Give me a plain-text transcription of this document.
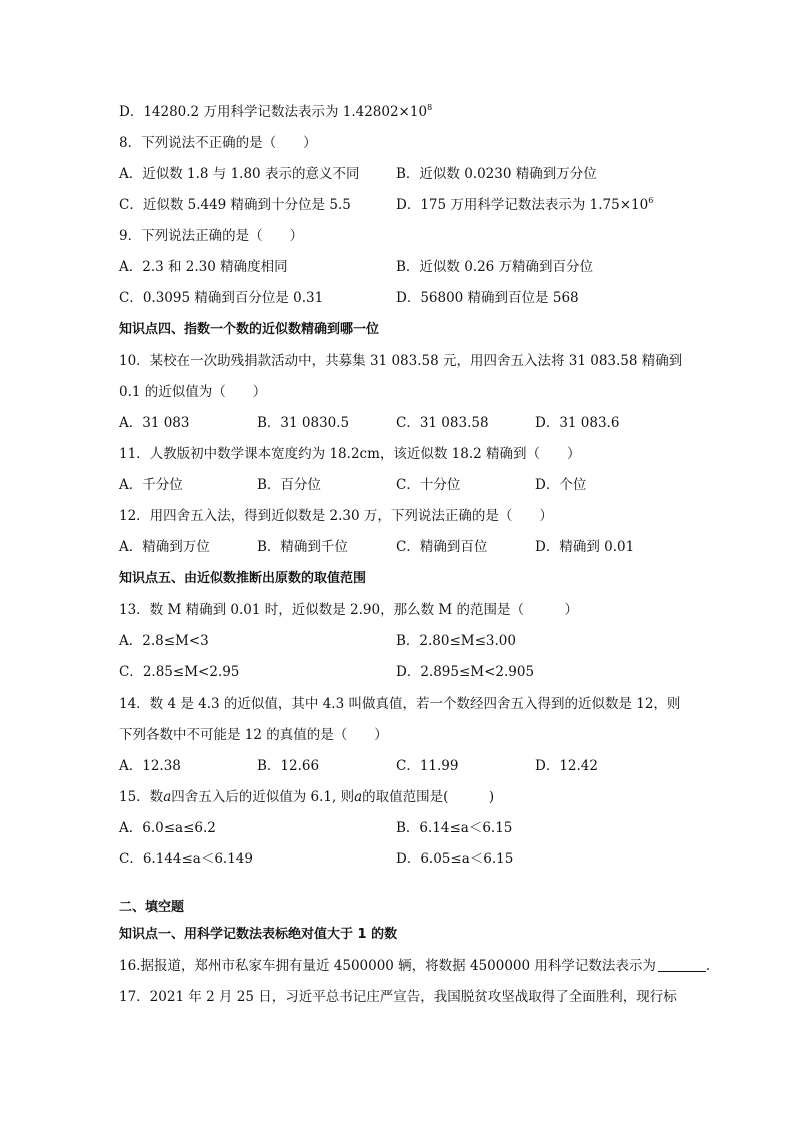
D．14280.2 万用科学记数法表示为 $1.42802\times 10^8$
8．下列说法不正确的是（　　）
A．近似数 1.8 与 1.80 表示的意义不同	B．近似数 0.0230 精确到万分位
C．近似数 5.449 精确到十分位是 5.5	D．175 万用科学记数法表示为 $1.75\times 10^6$
9．下列说法正确的是（　　）
A．2.3 和 2.30 精确度相同	B．近似数 0.26 万精确到百分位
C．0.3095 精确到百分位是 0.31	D．56800 精确到百位是 568
知识点四、指数一个数的近似数精确到哪一位
10．某校在一次助残捐款活动中，共募集 31 083.58 元，用四舍五入法将 31 083.58 精确到
0.1 的近似值为（　　）
A．31 083	B．31 0830.5	C．31 083.58	D．31 083.6
11．人教版初中数学课本宽度约为 18.2cm，该近似数 18.2 精确到（　　）
A．千分位	B．百分位	C．十分位	D．个位
12．用四舍五入法，得到近似数是 2.30 万，下列说法正确的是（　　）
A．精确到万位	B．精确到千位	C．精确到百位	D．精确到 0.01
知识点五、由近似数推断出原数的取值范围
13．数 M 精确到 0.01 时，近似数是 2.90，那么数 M 的范围是（　　　）
A．2.8≤M<3	B．2.80≤M≤3.00
C．2.85≤M<2.95	D．2.895≤M<2.905
14．数 4 是 4.3 的近似值，其中 4.3 叫做真值，若一个数经四舍五入得到的近似数是 12，则
下列各数中不可能是 12 的真值的是（　　）
A．12.38	B．12.66	C．11.99	D．12.42
15．数a四舍五入后的近似值为 6.1, 则a的取值范围是(　　　)
A．6.0≤a≤6.2	B．6.14≤a＜6.15
C．6.144≤a＜6.149	D．6.05≤a＜6.15
二、填空题
知识点一、用科学记数法表标绝对值大于 1 的数
16.据报道，郑州市私家车拥有量近 4500000 辆，将数据 4500000 用科学记数法表示为	.
17．2021 年 2 月 25 日，习近平总书记庄严宣告，我国脱贫攻坚战取得了全面胜利，现行标
